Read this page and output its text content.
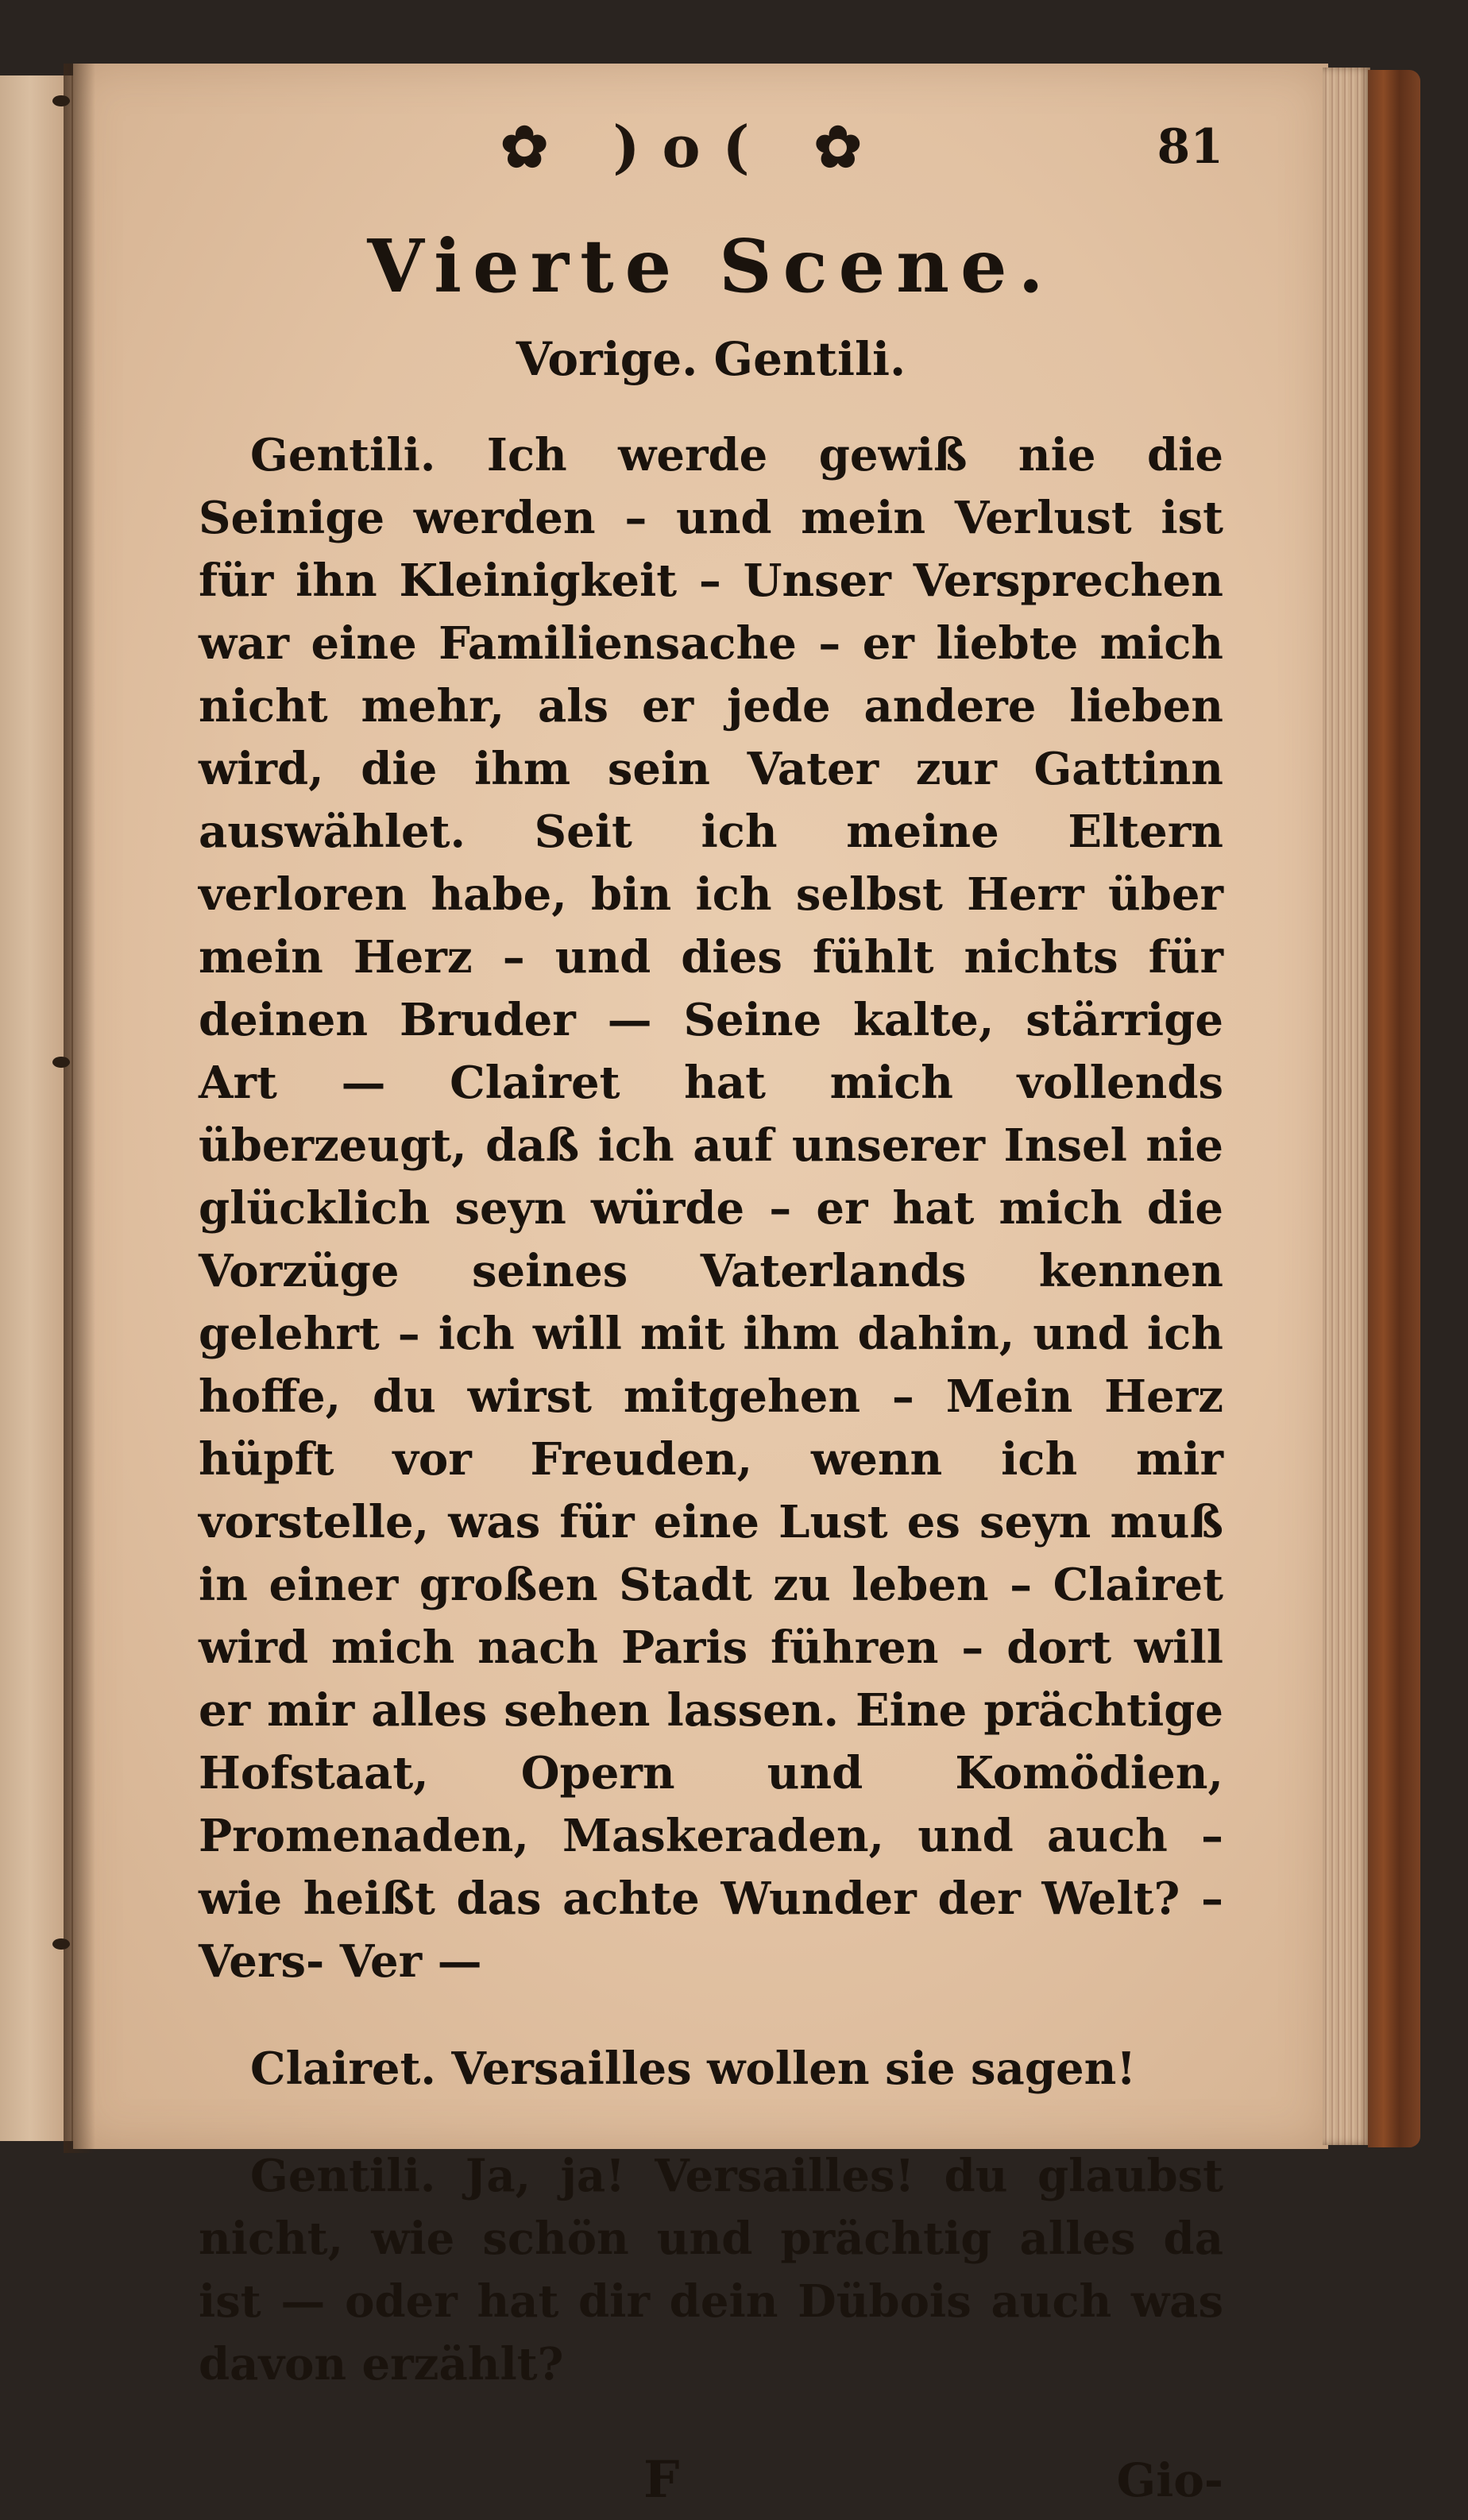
✿ )o( ✿	81
Vierte Scene.
Vorige. Gentili.

Gentili. Ich werde gewiß nie die Seinige werden – und mein Verlust ist für ihn Kleinigkeit – Unser Versprechen war eine Familiensache – er liebte mich nicht mehr, als er jede andere lieben wird, die ihm sein Vater zur Gattinn auswählet. Seit ich meine Eltern verloren habe, bin ich selbst Herr über mein Herz – und dies fühlt nichts für deinen Bruder — Seine kalte, stärrige Art — Clairet hat mich vollends überzeugt, daß ich auf unserer Insel nie glücklich seyn würde – er hat mich die Vorzüge seines Vaterlands kennen gelehrt – ich will mit ihm dahin, und ich hoffe, du wirst mitgehen – Mein Herz hüpft vor Freuden, wenn ich mir vorstelle, was für eine Lust es seyn muß in einer großen Stadt zu leben – Clairet wird mich nach Paris führen – dort will er mir alles sehen lassen. Eine prächtige Hofstaat, Opern und Komödien, Promenaden, Maskeraden, und auch – wie heißt das achte Wunder der Welt? – Vers- Ver —

Clairet. Versailles wollen sie sagen!

Gentili. Ja, ja! Versailles! du glaubst nicht, wie schön und prächtig alles da ist — oder hat dir dein Dübois auch was davon erzählt?

F	Gio-
